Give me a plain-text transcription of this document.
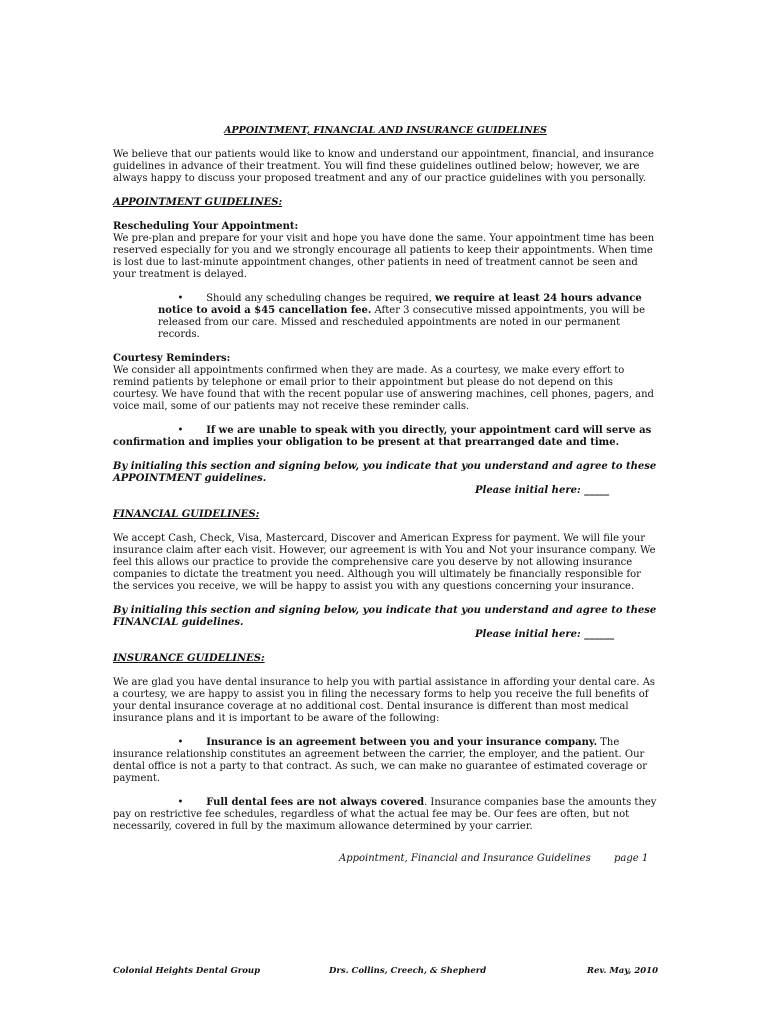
APPOINTMENT, FINANCIAL AND INSURANCE GUIDELINES
We believe that our patients would like to know and understand our appointment, financial, and insurance guidelines in advance of their treatment. You will find these guidelines outlined below; however, we are always happy to discuss your proposed treatment and any of our practice guidelines with you personally.
APPOINTMENT GUIDELINES:
Rescheduling Your Appointment:
We pre-plan and prepare for your visit and hope you have done the same. Your appointment time has been reserved especially for you and we strongly encourage all patients to keep their appointments. When time is lost due to last-minute appointment changes, other patients in need of treatment cannot be seen and your treatment is delayed.
• Should any scheduling changes be required, we require at least 24 hours advance notice to avoid a $45 cancellation fee. After 3 consecutive missed appointments, you will be released from our care. Missed and rescheduled appointments are noted in our permanent records.
Courtesy Reminders:
We consider all appointments confirmed when they are made. As a courtesy, we make every effort to remind patients by telephone or email prior to their appointment but please do not depend on this courtesy. We have found that with the recent popular use of answering machines, cell phones, pagers, and voice mail, some of our patients may not receive these reminder calls.
• If we are unable to speak with you directly, your appointment card will serve as confirmation and implies your obligation to be present at that prearranged date and time.
By initialing this section and signing below, you indicate that you understand and agree to these APPOINTMENT guidelines.
Please initial here: _____
FINANCIAL GUIDELINES:
We accept Cash, Check, Visa, Mastercard, Discover and American Express for payment. We will file your insurance claim after each visit. However, our agreement is with You and Not your insurance company. We feel this allows our practice to provide the comprehensive care you deserve by not allowing insurance companies to dictate the treatment you need. Although you will ultimately be financially responsible for the services you receive, we will be happy to assist you with any questions concerning your insurance.
By initialing this section and signing below, you indicate that you understand and agree to these FINANCIAL guidelines.
Please initial here: ______
INSURANCE GUIDELINES:
We are glad you have dental insurance to help you with partial assistance in affording your dental care. As a courtesy, we are happy to assist you in filing the necessary forms to help you receive the full benefits of your dental insurance coverage at no additional cost. Dental insurance is different than most medical insurance plans and it is important to be aware of the following:
• Insurance is an agreement between you and your insurance company. The insurance relationship constitutes an agreement between the carrier, the employer, and the patient. Our dental office is not a party to that contract. As such, we can make no guarantee of estimated coverage or payment.
• Full dental fees are not always covered. Insurance companies base the amounts they pay on restrictive fee schedules, regardless of what the actual fee may be. Our fees are often, but not necessarily, covered in full by the maximum allowance determined by your carrier.
Appointment, Financial and Insurance Guidelines page 1
Colonial Heights Dental Group	Drs. Collins, Creech, & Shepherd	Rev. May, 2010
